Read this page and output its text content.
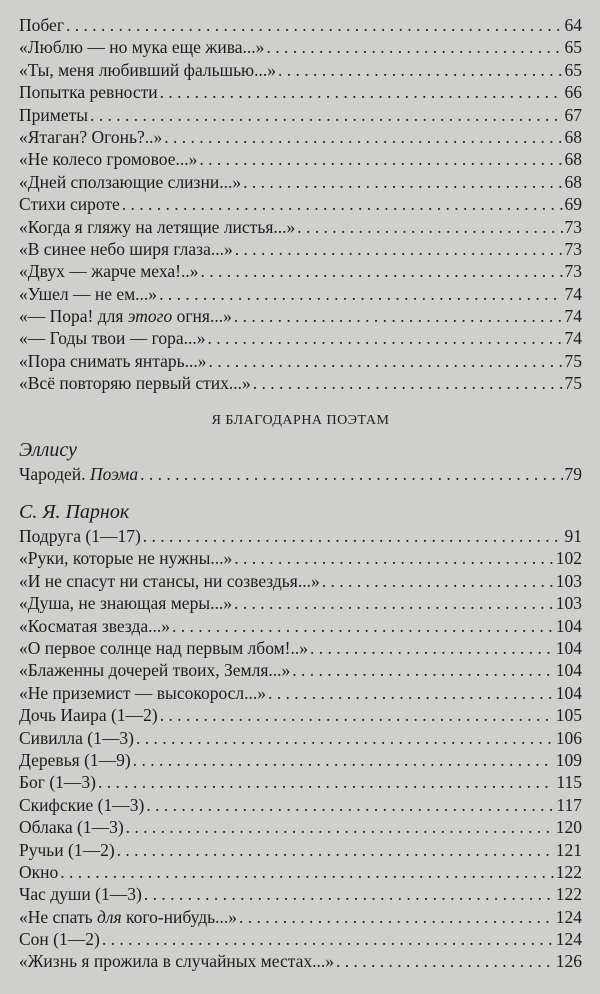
Побег . . .	64
«Люблю — но мука еще жива...» . . .	65
«Ты, меня любивший фальшью...» . . .	65
Попытка ревности . . .	66
Приметы . . .	67
«Ятаган? Огонь?..» . . .	68
«Не колесо громовое...» . . .	68
«Дней сползающие слизни...» . . .	68
Стихи сироте . . .	69
«Когда я гляжу на летящие листья...» . . .	73
«В синее небо ширя глаза...» . . .	73
«Двух — жарче меха!..» . . .	73
«Ушел — не ем...» . . .	74
«— Пора! для этого огня...» . . .	74
«— Годы твои — гора...» . . .	74
«Пора снимать янтарь...» . . .	75
«Всё повторяю первый стих...» . . .	75
Я БЛАГОДАРНА ПОЭТАМ
Эллису
Чародей. Поэма . . .	79
С. Я. Парнок
Подруга (1—17) . . .	91
«Руки, которые не нужны...» . . .	102
«И не спасут ни стансы, ни созвездья...» . . .	103
«Душа, не знающая меры...» . . .	103
«Косматая звезда...» . . .	104
«О первое солнце над первым лбом!..» . . .	104
«Блаженны дочерей твоих, Земля...» . . .	104
«Не приземист — высокоросл...» . . .	104
Дочь Иаира (1—2) . . .	105
Сивилла (1—3) . . .	106
Деревья (1—9) . . .	109
Бог (1—3) . . .	115
Скифские (1—3) . . .	117
Облака (1—3) . . .	120
Ручьи (1—2) . . .	121
Окно . . .	122
Час души (1—3) . . .	122
«Не спать для кого-нибудь...» . . .	124
Сон (1—2) . . .	124
«Жизнь я прожила в случайных местах...» . . .	126
